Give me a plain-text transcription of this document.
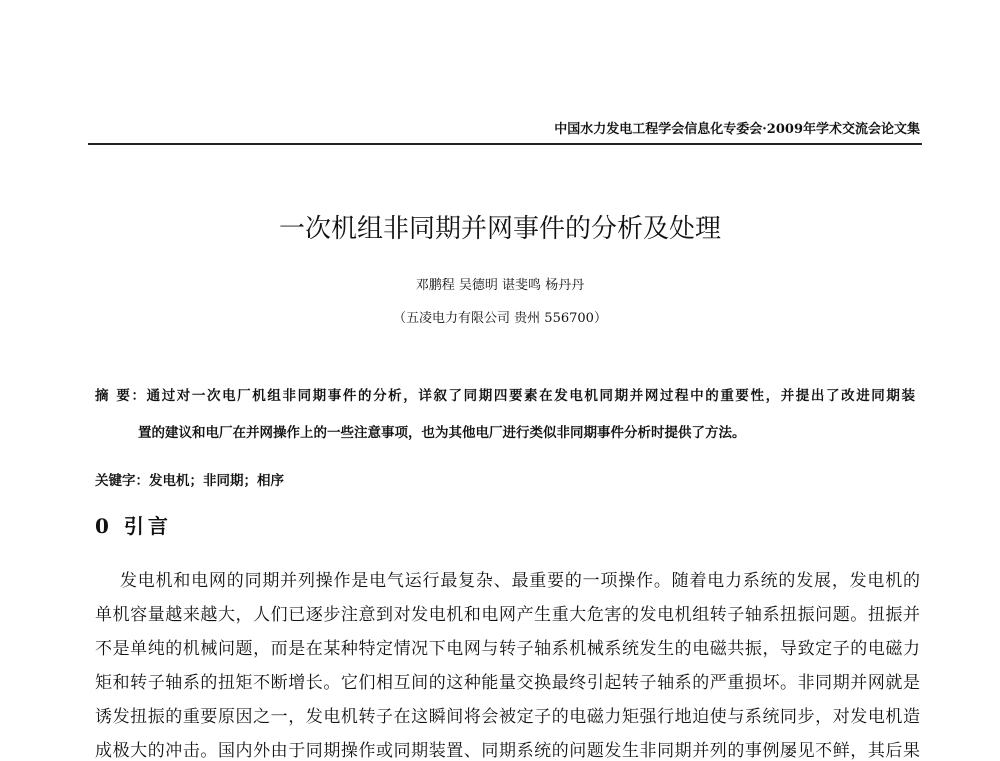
中国水力发电工程学会信息化专委会·2009年学术交流会论文集
一次机组非同期并网事件的分析及处理
邓鹏程 吴德明 谌斐鸣 杨丹丹
（五凌电力有限公司 贵州 556700）
摘 要：通过对一次电厂机组非同期事件的分析，详叙了同期四要素在发电机同期并网过程中的重要性，并提出了改进同期装
置的建议和电厂在并网操作上的一些注意事项，也为其他电厂进行类似非同期事件分析时提供了方法。
关键字：发电机；非同期；相序
0 引言
发电机和电网的同期并列操作是电气运行最复杂、最重要的一项操作。随着电力系统的发展，发电机的
单机容量越来越大，人们已逐步注意到对发电机和电网产生重大危害的发电机组转子轴系扭振问题。扭振并
不是单纯的机械问题，而是在某种特定情况下电网与转子轴系机械系统发生的电磁共振，导致定子的电磁力
矩和转子轴系的扭矩不断增长。它们相互间的这种能量交换最终引起转子轴系的严重损坏。非同期并网就是
诱发扭振的重要原因之一，发电机转子在这瞬间将会被定子的电磁力矩强行地迫使与系统同步，对发电机造
成极大的冲击。国内外由于同期操作或同期装置、同期系统的问题发生非同期并列的事例屡见不鲜，其后果
